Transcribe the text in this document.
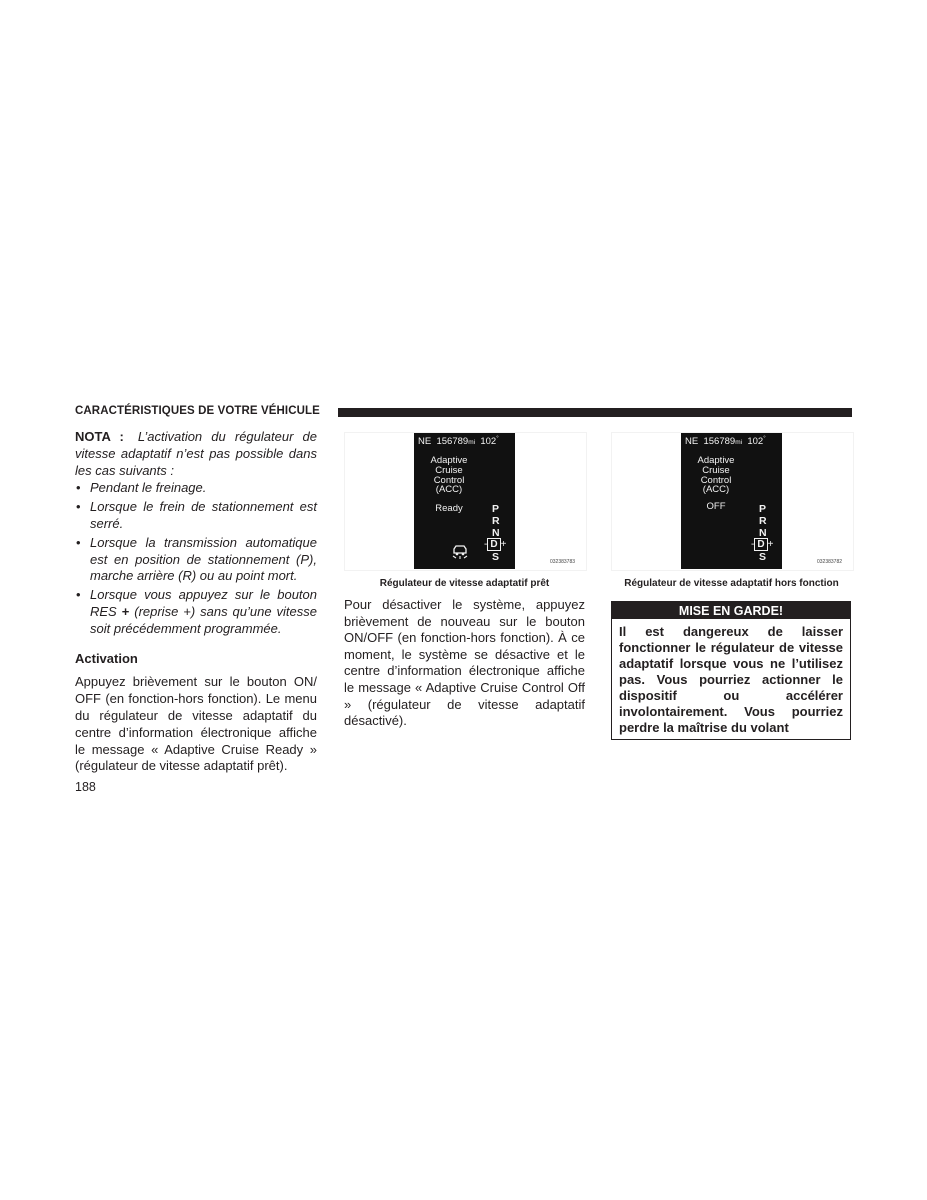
CARACTÉRISTIQUES DE VOTRE VÉHICULE

NOTA : L’activation du régulateur de vitesse adaptatif n’est pas possible dans les cas suivants :

• Pendant le freinage.
• Lorsque le frein de stationnement est serré.
• Lorsque la transmission automatique est en position de stationnement (P), marche arrière (R) ou au point mort.
• Lorsque vous appuyez sur le bouton RES + (reprise +) sans qu’une vitesse soit précédemment programmée.
Activation

Appuyez brièvement sur le bouton ON/ OFF (en fonction-hors fonction). Le menu du régulateur de vitesse adaptatif du centre d’information électronique affiche le message « Adaptive Cruise Ready » (régulateur de vitesse adaptatif prêt).

188
NE 156789mi 102°
Adaptive
Cruise
Control
(ACC)
Ready	P
R
N
- D +
S	032383783
Régulateur de vitesse adaptatif prêt
NE 156789mi 102°
Adaptive
Cruise
Control
(ACC)
OFF	P
R
N
- D +
S	032383782
Régulateur de vitesse adaptatif hors fonction
Pour désactiver le système, appuyez brièvement de nouveau sur le bouton ON/OFF (en fonction-hors fonction). À ce moment, le système se désactive et le centre d’information électronique affiche le message « Adaptive Cruise Control Off » (régulateur de vitesse adaptatif désactivé).
MISE EN GARDE!
Il est dangereux de laisser fonctionner le régulateur de vitesse adaptatif lorsque vous ne l’utilisez pas. Vous pourriez actionner le dispositif ou accélérer involontairement. Vous pourriez perdre la maîtrise du volant
